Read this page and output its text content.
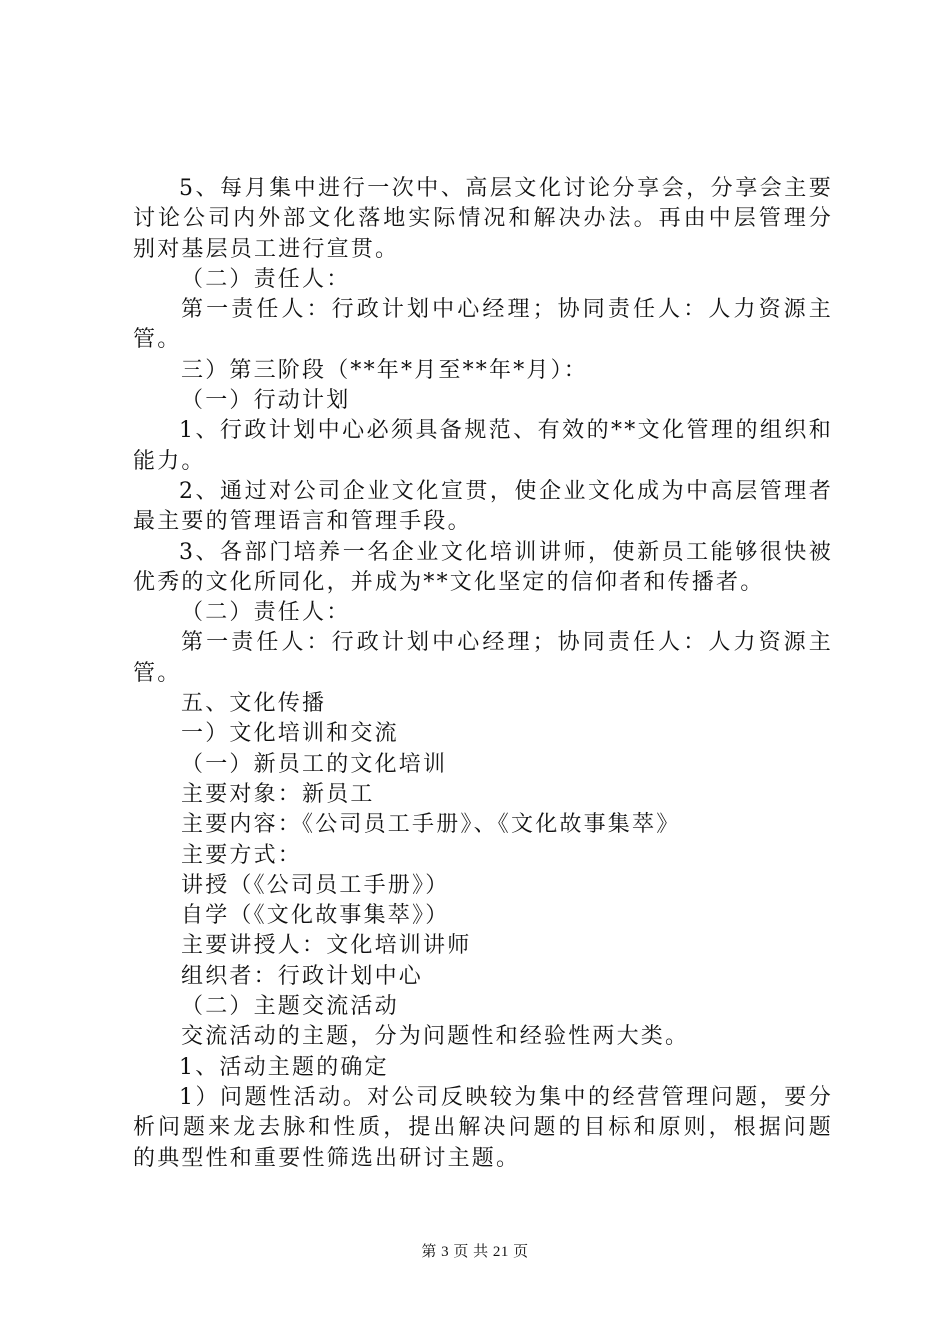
5、每月集中进行一次中、高层文化讨论分享会，分享会主要讨论公司内外部文化落地实际情况和解决办法。再由中层管理分别对基层员工进行宣贯。

（二）责任人：

第一责任人：行政计划中心经理；协同责任人：人力资源主管。

三）第三阶段（**年*月至**年*月）：

（一）行动计划

1、行政计划中心必须具备规范、有效的**文化管理的组织和能力。

2、通过对公司企业文化宣贯，使企业文化成为中高层管理者最主要的管理语言和管理手段。

3、各部门培养一名企业文化培训讲师，使新员工能够很快被优秀的文化所同化，并成为**文化坚定的信仰者和传播者。

（二）责任人：

第一责任人：行政计划中心经理；协同责任人：人力资源主管。

五、文化传播

一）文化培训和交流

（一）新员工的文化培训

主要对象：新员工

主要内容：《公司员工手册》、《文化故事集萃》

主要方式：

讲授（《公司员工手册》）

自学（《文化故事集萃》）

主要讲授人：文化培训讲师

组织者：行政计划中心

（二）主题交流活动

交流活动的主题，分为问题性和经验性两大类。

1、活动主题的确定

1）问题性活动。对公司反映较为集中的经营管理问题，要分析问题来龙去脉和性质，提出解决问题的目标和原则，根据问题的典型性和重要性筛选出研讨主题。

第 3 页 共 21 页
